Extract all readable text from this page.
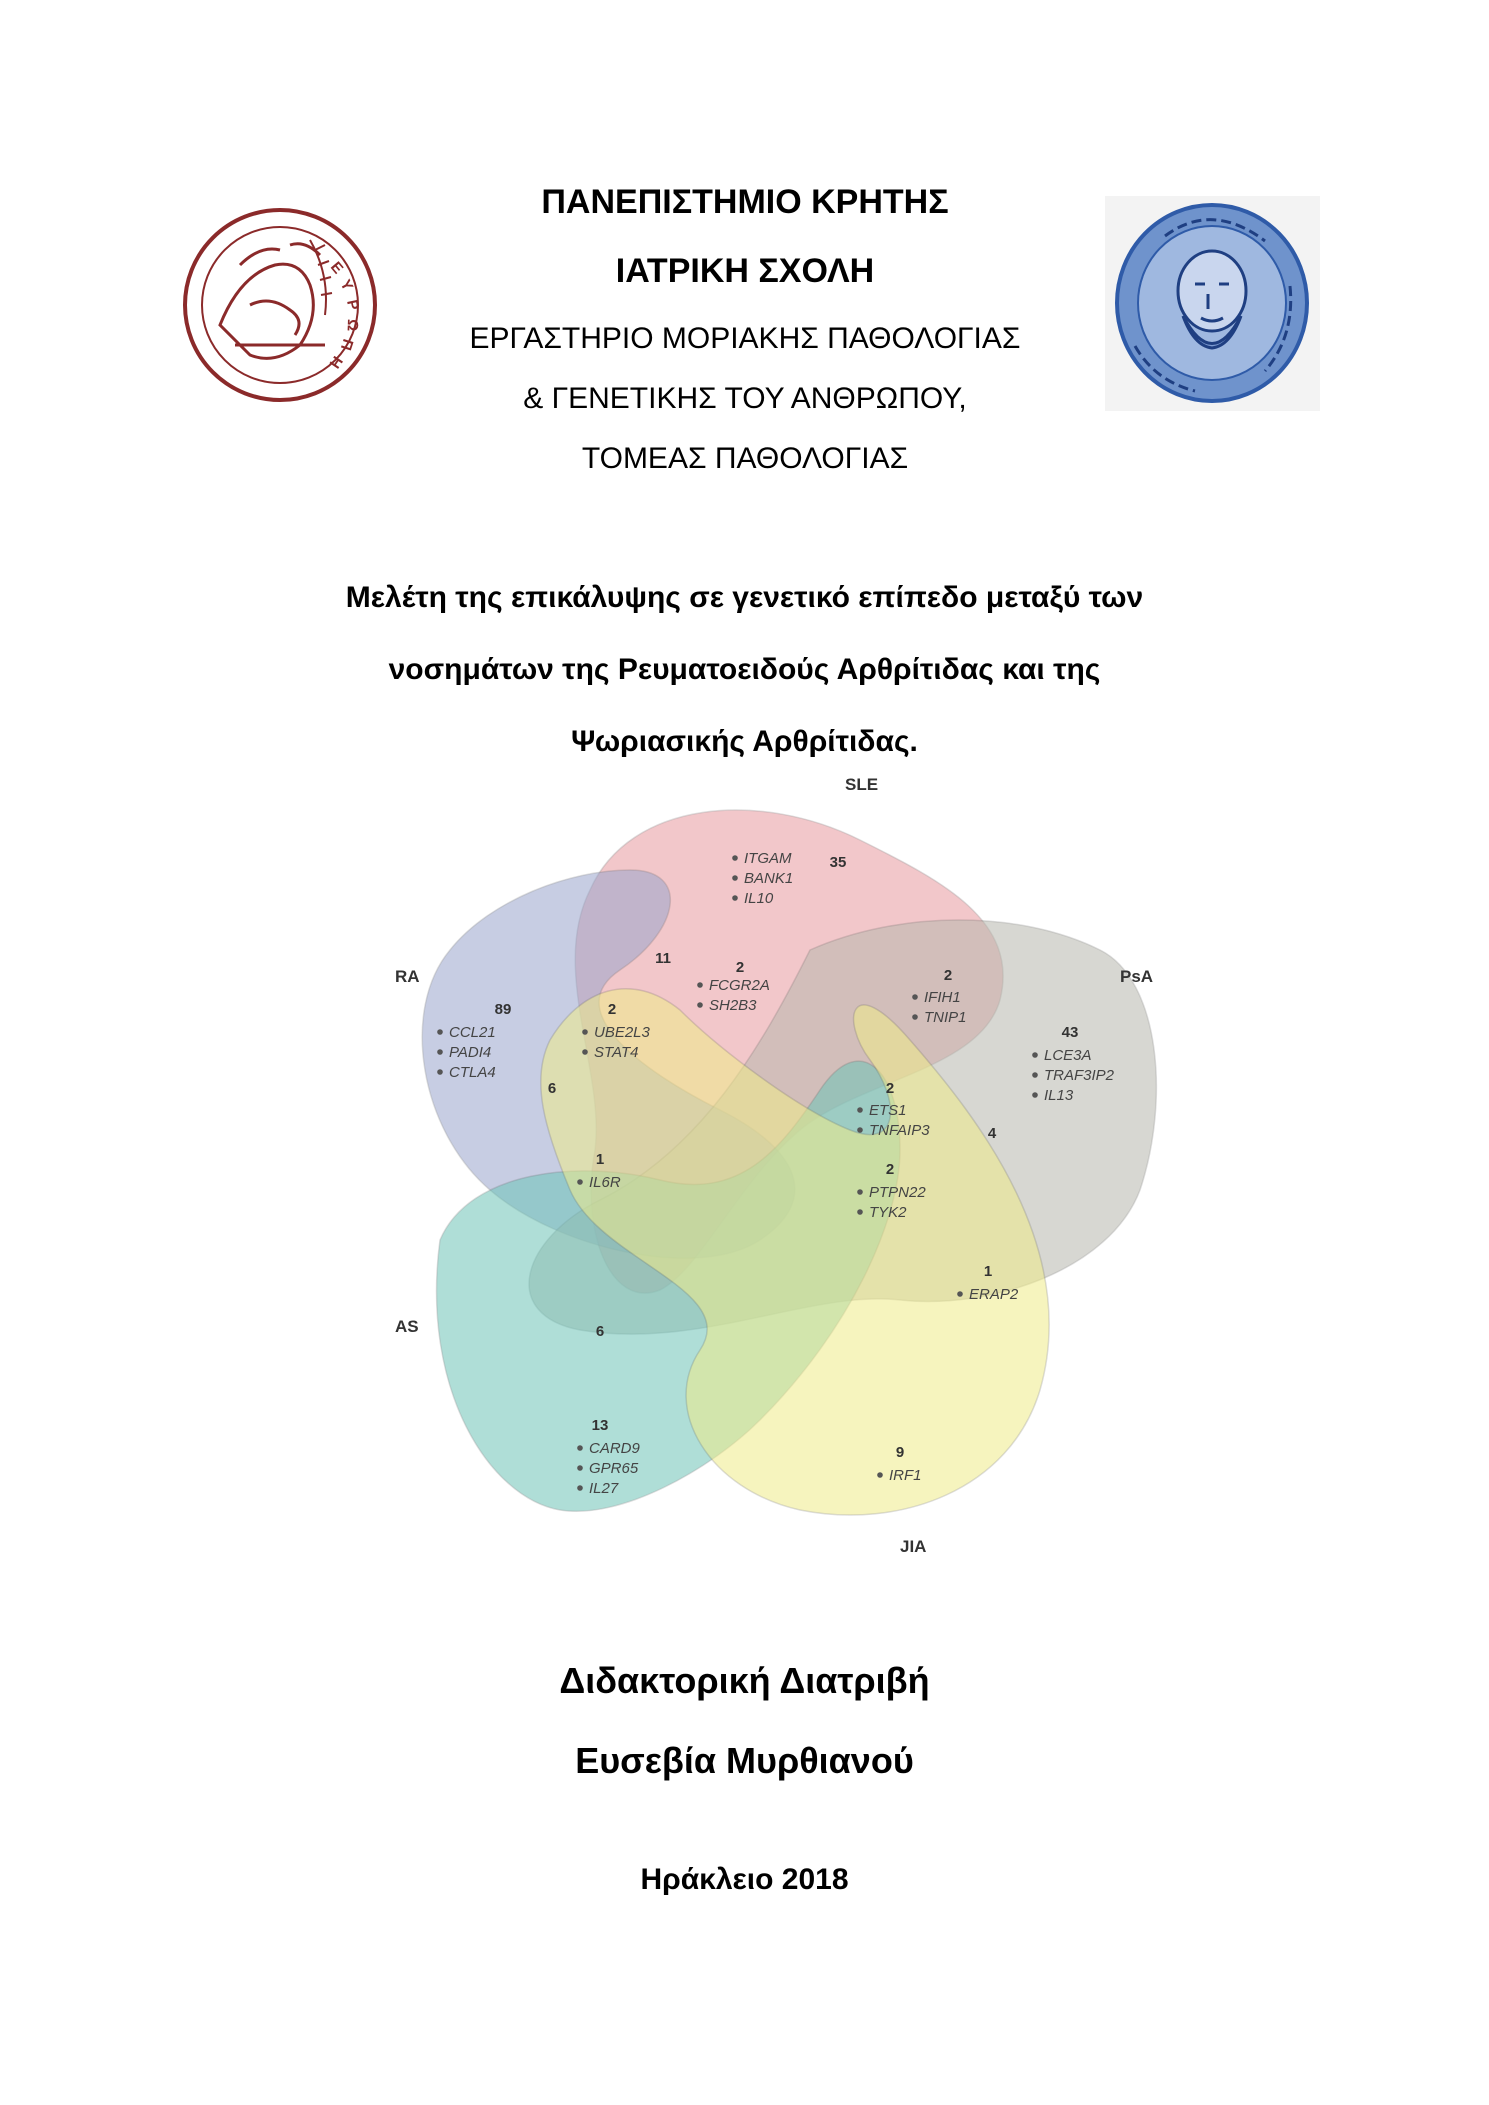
Ε
Υ
Ρ
Ω
Π
Η
ΠΑΝΕΠΙΣΤΗΜΙΟ ΚΡΗΤΗΣ
ΙΑΤΡΙΚΗ ΣΧΟΛΗ
ΕΡΓΑΣΤΗΡΙΟ ΜΟΡΙΑΚΗΣ ΠΑΘΟΛΟΓΙΑΣ
& ΓΕΝΕΤΙΚΗΣ ΤΟΥ ΑΝΘΡΩΠΟΥ,
ΤΟΜΕΑΣ ΠΑΘΟΛΟΓΙΑΣ
Μελέτη της επικάλυψης σε γενετικό επίπεδο μεταξύ των
νοσημάτων της Ρευματοειδούς Αρθρίτιδας και της
Ψωριασικής Αρθρίτιδας.
SLE
RA	PsA
AS
JIA
35
ITGAM
BANK1
IL10
11
2
FCGR2A
SH2B3
2
IFIH1
TNIP1
89
CCL21
PADI4
CTLA4
2
UBE2L3
STAT4
6
43
LCE3A
TRAF3IP2
IL13
2
ETS1
TNFAIP3	4
1
IL6R
2
PTPN22
TYK2
1
ERAP2
6
13
CARD9
GPR65
IL27
9
IRF1
Διδακτορική Διατριβή
Ευσεβία Μυρθιανού
Ηράκλειο 2018
